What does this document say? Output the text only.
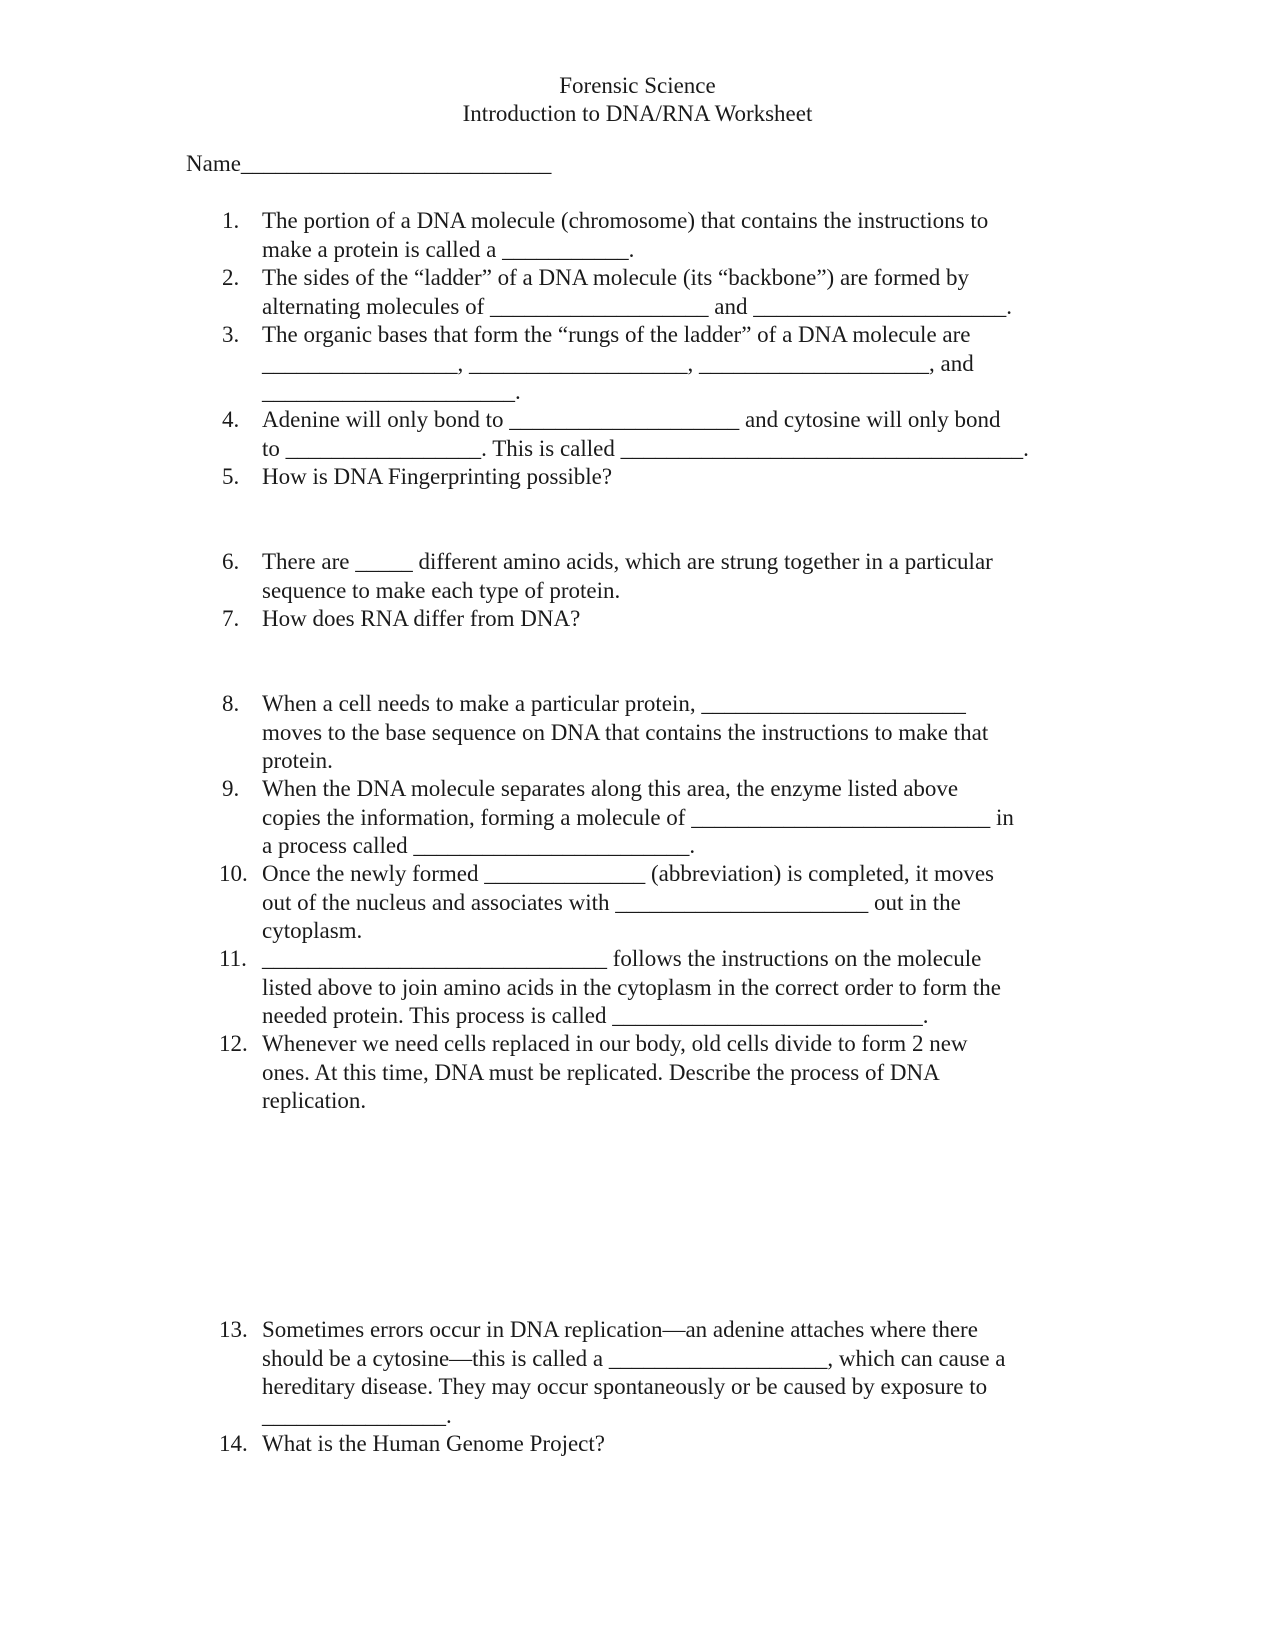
Forensic Science
Introduction to DNA/RNA Worksheet
Name___________________________
1. The portion of a DNA molecule (chromosome) that contains the instructions to
make a protein is called a ___________.
2. The sides of the “ladder” of a DNA molecule (its “backbone”) are formed by
alternating molecules of ___________________ and ______________________.
3. The organic bases that form the “rungs of the ladder” of a DNA molecule are
_________________, ___________________, ____________________, and
______________________.
4. Adenine will only bond to ____________________ and cytosine will only bond
to _________________. This is called ___________________________________.
5. How is DNA Fingerprinting possible?
6. There are _____ different amino acids, which are strung together in a particular
sequence to make each type of protein.
7. How does RNA differ from DNA?
8. When a cell needs to make a particular protein, _______________________
moves to the base sequence on DNA that contains the instructions to make that
protein.
9. When the DNA molecule separates along this area, the enzyme listed above
copies the information, forming a molecule of __________________________ in
a process called ________________________.
10. Once the newly formed ______________ (abbreviation) is completed, it moves
out of the nucleus and associates with ______________________ out in the
cytoplasm.
11. ______________________________ follows the instructions on the molecule
listed above to join amino acids in the cytoplasm in the correct order to form the
needed protein. This process is called ___________________________.
12. Whenever we need cells replaced in our body, old cells divide to form 2 new
ones. At this time, DNA must be replicated. Describe the process of DNA
replication.
13. Sometimes errors occur in DNA replication—an adenine attaches where there
should be a cytosine—this is called a ___________________, which can cause a
hereditary disease. They may occur spontaneously or be caused by exposure to
________________.
14. What is the Human Genome Project?
